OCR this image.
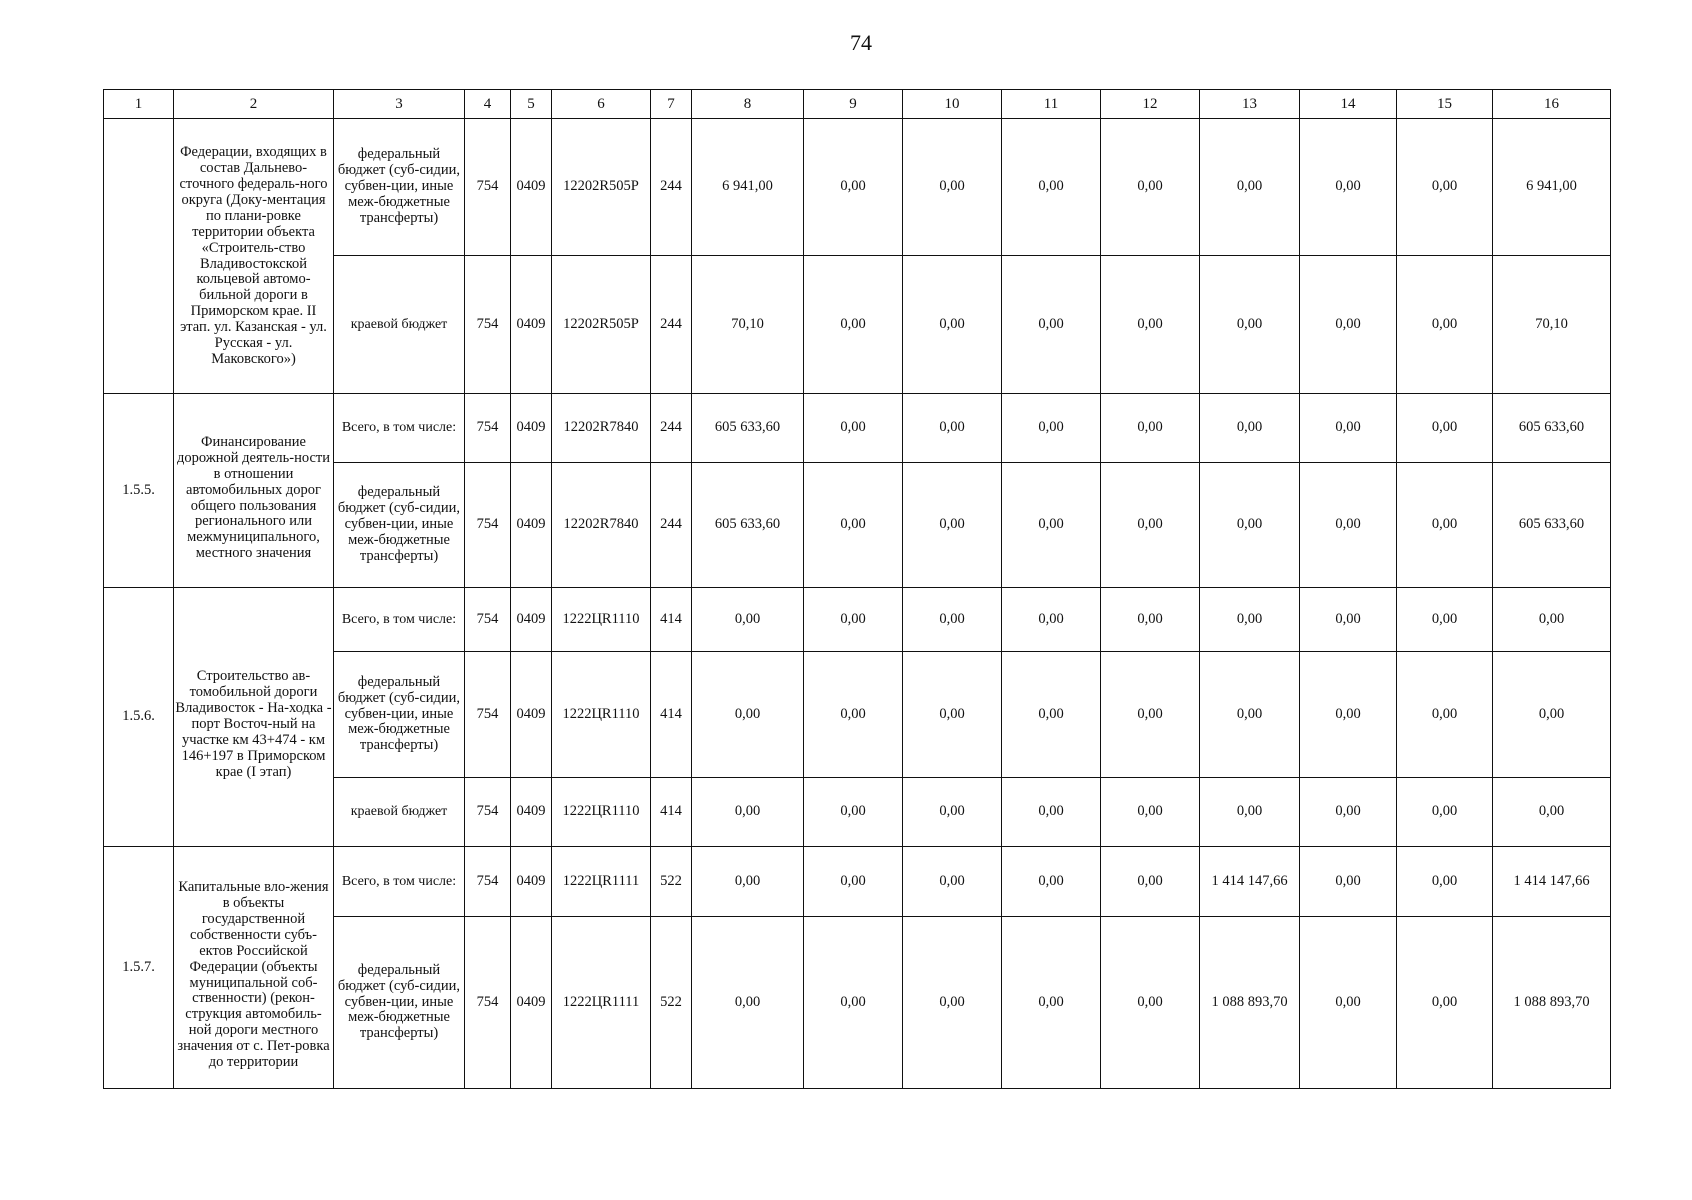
74
1	2	3	4	5	6	7	8	9	10	11	12	13	14	15	16
	Федерации, входящих в состав Дальнево-сточного федераль-ного округа (Доку-ментация по плани-ровке территории объекта «Строитель-ство Владивостокской кольцевой автомо-бильной дороги в Приморском крае. II этап. ул. Казанская - ул. Русская - ул. Маковского»)	федеральный бюджет (суб-сидии, субвен-ции, иные меж-бюджетные трансферты)	754	0409	12202R505P	244	6 941,00	0,00	0,00	0,00	0,00	0,00	0,00	0,00	6 941,00
		краевой бюджет	754	0409	12202R505P	244	70,10	0,00	0,00	0,00	0,00	0,00	0,00	0,00	70,10
1.5.5.	Финансирование дорожной деятель-ности в отношении автомобильных дорог общего пользования регионального или межмуниципального, местного значения	Всего, в том числе:	754	0409	12202R7840	244	605 633,60	0,00	0,00	0,00	0,00	0,00	0,00	0,00	605 633,60
		федеральный бюджет (суб-сидии, субвен-ции, иные меж-бюджетные трансферты)	754	0409	12202R7840	244	605 633,60	0,00	0,00	0,00	0,00	0,00	0,00	0,00	605 633,60
1.5.6.	Строительство ав-томобильной дороги Владивосток - На-ходка - порт Восточ-ный на участке км 43+474 - км 146+197 в Приморском крае (I этап)	Всего, в том числе:	754	0409	1222ЦR1110	414	0,00	0,00	0,00	0,00	0,00	0,00	0,00	0,00	0,00
		федеральный бюджет (суб-сидии, субвен-ции, иные меж-бюджетные трансферты)	754	0409	1222ЦR1110	414	0,00	0,00	0,00	0,00	0,00	0,00	0,00	0,00	0,00
		краевой бюджет	754	0409	1222ЦR1110	414	0,00	0,00	0,00	0,00	0,00	0,00	0,00	0,00	0,00
1.5.7.	Капитальные вло-жения в объекты государственной собственности субъ-ектов Российской Федерации (объекты муниципальной соб-ственности) (рекон-струкция автомобиль-ной дороги местного значения от с. Пет-ровка до территории	Всего, в том числе:	754	0409	1222ЦR1111	522	0,00	0,00	0,00	0,00	0,00	1 414 147,66	0,00	0,00	1 414 147,66
		федеральный бюджет (суб-сидии, субвен-ции, иные меж-бюджетные трансферты)	754	0409	1222ЦR1111	522	0,00	0,00	0,00	0,00	0,00	1 088 893,70	0,00	0,00	1 088 893,70
